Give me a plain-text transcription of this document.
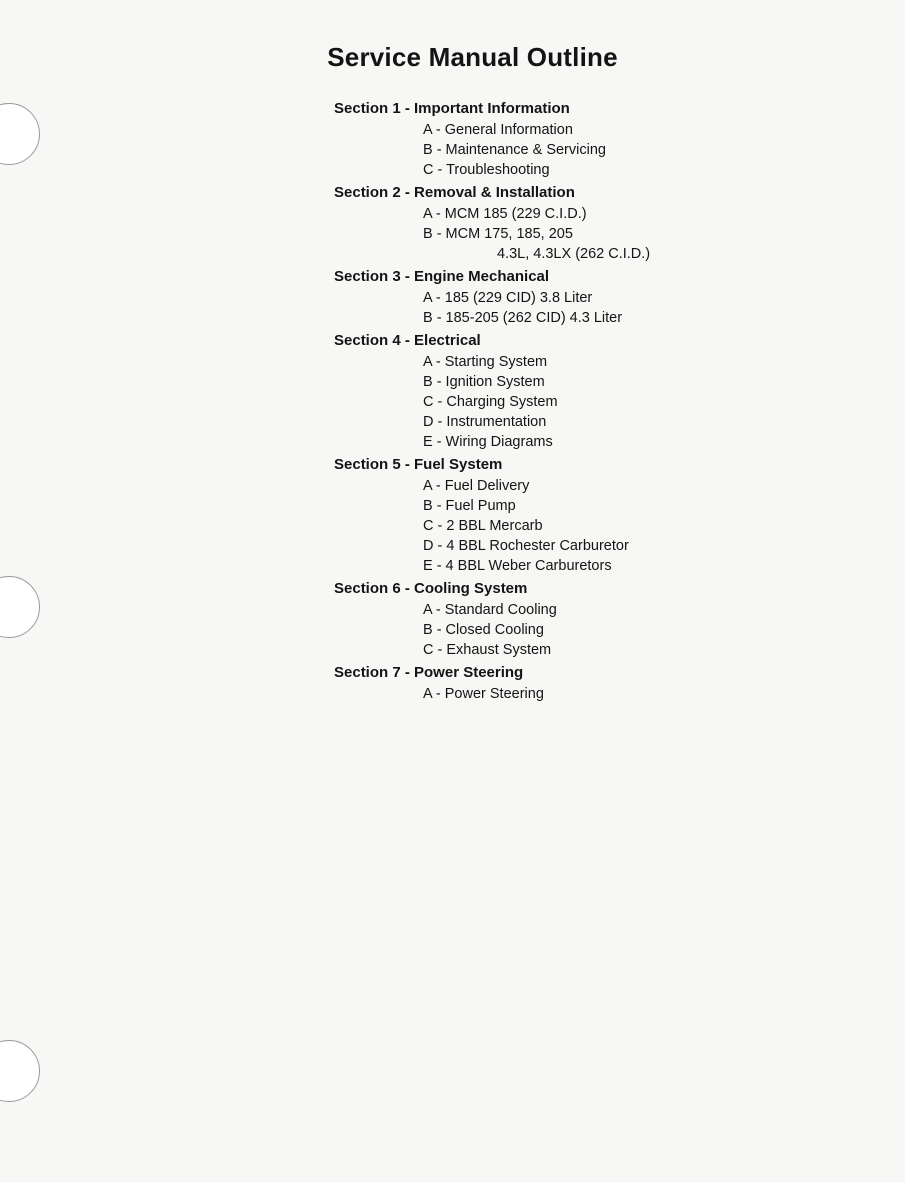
Service Manual Outline
Section 1 - Important Information
A - General Information
B - Maintenance & Servicing
C - Troubleshooting
Section 2 - Removal & Installation
A - MCM 185 (229 C.I.D.)
B - MCM 175, 185, 205
4.3L, 4.3LX (262 C.I.D.)
Section 3 - Engine Mechanical
A - 185 (229 CID) 3.8 Liter
B - 185-205 (262 CID) 4.3 Liter
Section 4 - Electrical
A - Starting System
B - Ignition System
C - Charging System
D - Instrumentation
E - Wiring Diagrams
Section 5 - Fuel System
A - Fuel Delivery
B - Fuel Pump
C - 2 BBL Mercarb
D - 4 BBL Rochester Carburetor
E - 4 BBL Weber Carburetors
Section 6 - Cooling System
A - Standard Cooling
B - Closed Cooling
C - Exhaust System
Section 7 - Power Steering
A - Power Steering
